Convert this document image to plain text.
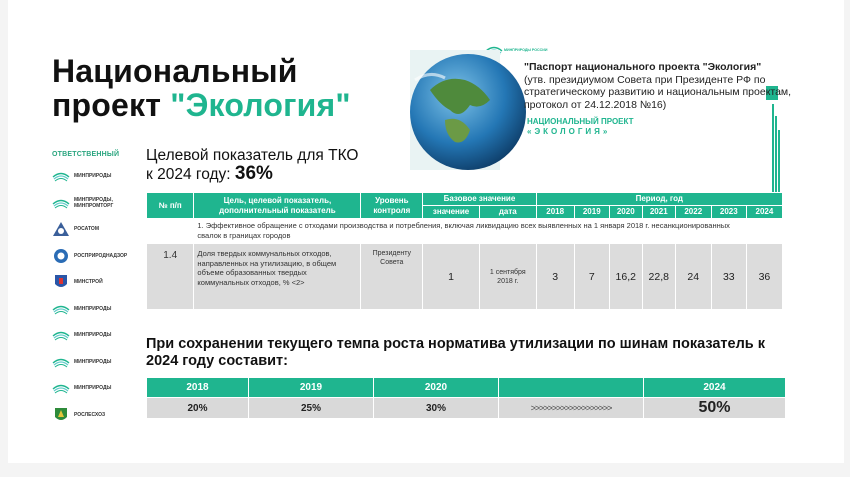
Национальный
проект "Экология"
ОТВЕТСТВЕННЫЙ
МИНПРИРОДЫ
МИНПРИРОДЫ, МИНПРОМТОРГ
РОСАТОМ
РОСПРИРОДНАДЗОР
МИНСТРОЙ
МИНПРИРОДЫ
МИНПРИРОДЫ
МИНПРИРОДЫ
МИНПРИРОДЫ
РОСЛЕСХОЗ
МИНПРИРОДЫ РОССИИ
"Паспорт национального проекта "Экология"
(утв. президиумом Совета при Президенте РФ по стратегическому развитию и национальным проектам, протокол от 24.12.2018 №16)
НАЦИОНАЛЬНЫЙ ПРОЕКТ
«ЭКОЛОГИЯ»
Целевой показатель для ТКО
к 2024 году: 36%
№ п/п	Цель, целевой показатель, дополнительный показатель	Уровень контроля	Базовое значение		Период, год						
			значение	дата	2018	2019	2020	2021	2022	2023	2024
	1. Эффективное обращение с отходами производства и потребления, включая ликвидацию всех выявленных на 1 января 2018 г. несанкционированных свалок в границах городов										
1.4	Доля твердых коммунальных отходов, направленных на утилизацию, в общем объеме образованных твердых коммунальных отходов, % <2>	Президенту Совета	1	1 сентября 2018 г.	3	7	16,2	22,8	24	33	36
При сохранении текущего темпа роста норматива утилизации по шинам показатель к 2024 году составит:
2018	2019	2020		2024
20%	25%	30%	>>>>>>>>>>>>>>>>>>>	50%
